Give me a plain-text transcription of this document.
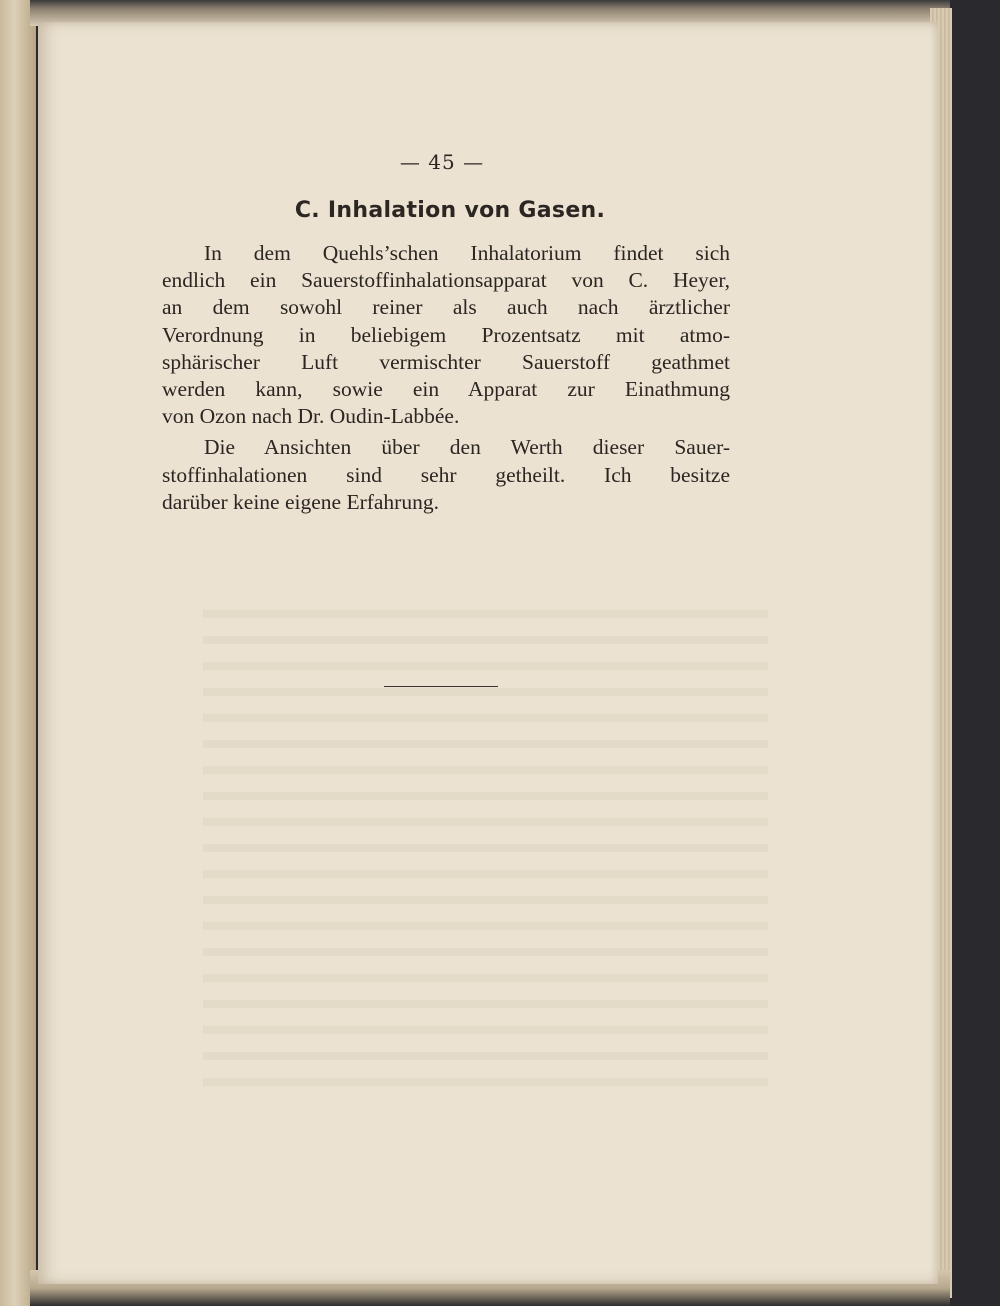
— 45 —
C. Inhalation von Gasen.
In dem Quehls’schen Inhalatorium findet sich
endlich ein Sauerstoffinhalationsapparat von C. Heyer,
an dem sowohl reiner als auch nach ärztlicher
Verordnung in beliebigem Prozentsatz mit atmo-
sphärischer Luft vermischter Sauerstoff geathmet
werden kann, sowie ein Apparat zur Einathmung
von Ozon nach Dr. Oudin-Labbée.
Die Ansichten über den Werth dieser Sauer-
stoffinhalationen sind sehr getheilt. Ich besitze
darüber keine eigene Erfahrung.
